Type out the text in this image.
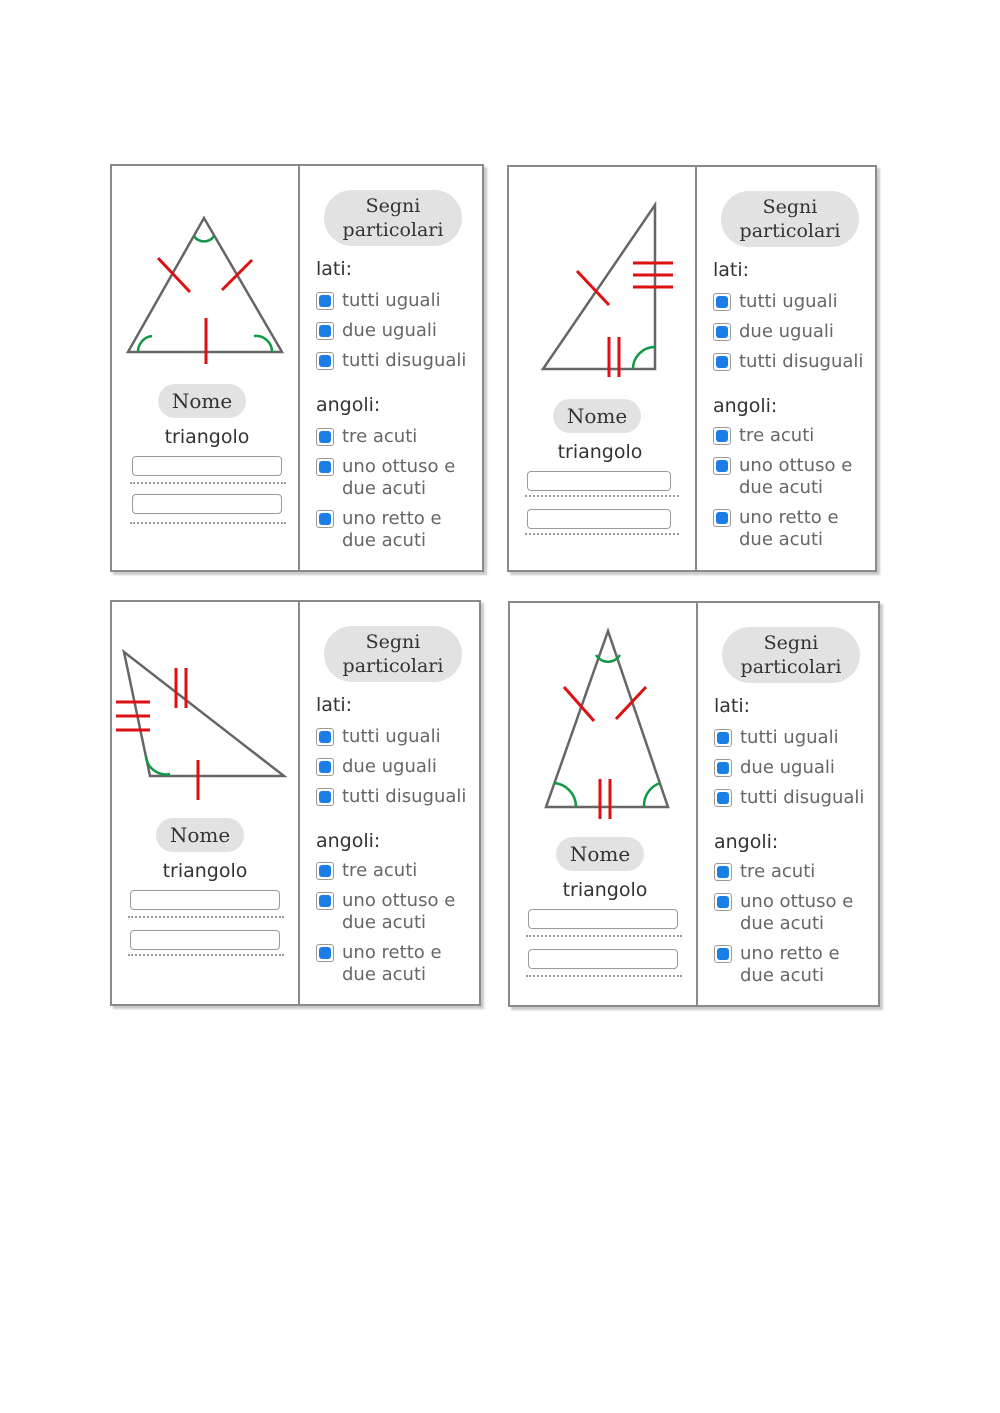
Nome
triangolo
Segni
particolari
lati:
tutti uguali
due uguali
tutti disuguali
angoli:
tre acuti
uno ottuso e
due acuti
uno retto e
due acuti
Nome
triangolo
Segni
particolari
lati:
tutti uguali
due uguali
tutti disuguali
angoli:
tre acuti
uno ottuso e
due acuti
uno retto e
due acuti
Nome
triangolo
Segni
particolari
lati:
tutti uguali
due uguali
tutti disuguali
angoli:
tre acuti
uno ottuso e
due acuti
uno retto e
due acuti
Nome
triangolo
Segni
particolari
lati:
tutti uguali
due uguali
tutti disuguali
angoli:
tre acuti
uno ottuso e
due acuti
uno retto e
due acuti
